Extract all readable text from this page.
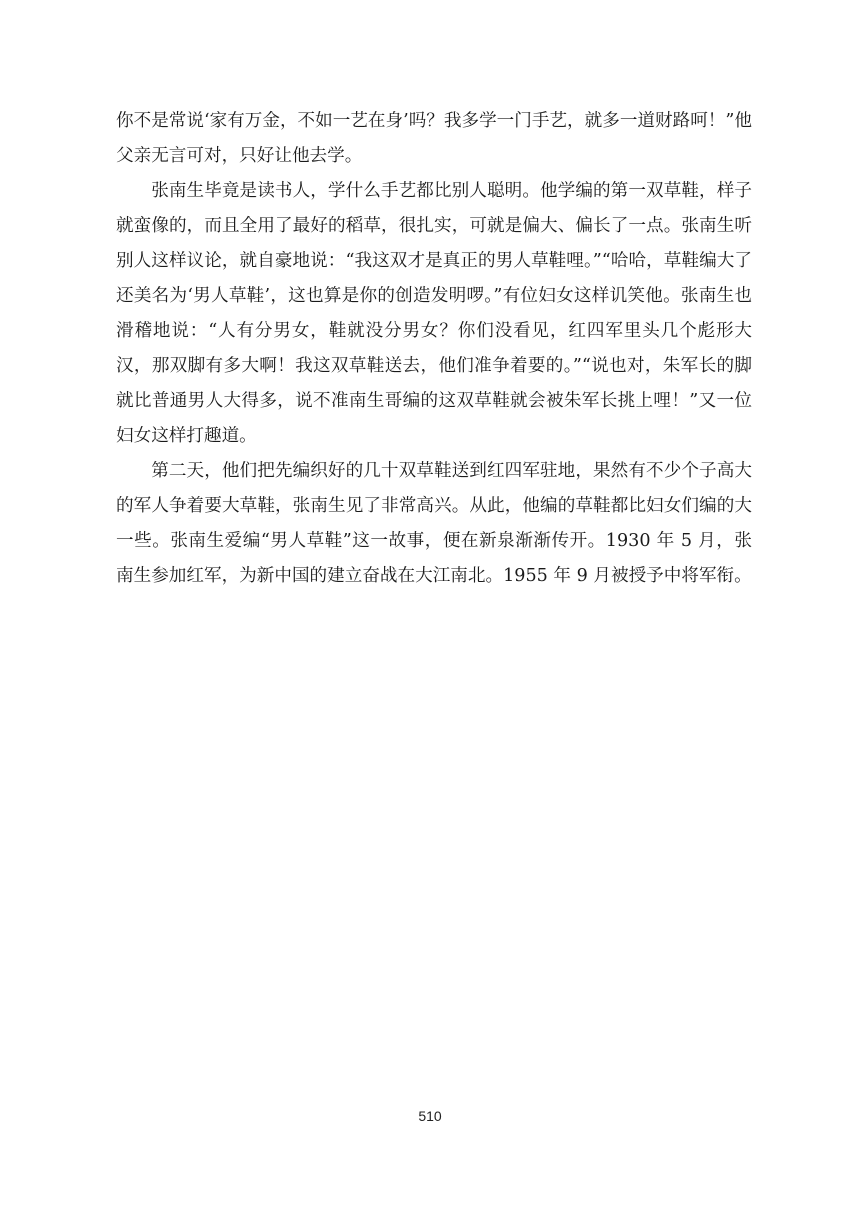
你不是常说‘家有万金，不如一艺在身’吗？我多学一门手艺，就多一道财路呵！”他父亲无言可对，只好让他去学。

张南生毕竟是读书人，学什么手艺都比别人聪明。他学编的第一双草鞋，样子就蛮像的，而且全用了最好的稻草，很扎实，可就是偏大、偏长了一点。张南生听别人这样议论，就自豪地说：“我这双才是真正的男人草鞋哩。”“哈哈，草鞋编大了还美名为‘男人草鞋’，这也算是你的创造发明啰。”有位妇女这样讥笑他。张南生也滑稽地说：“人有分男女，鞋就没分男女？你们没看见，红四军里头几个彪形大汉，那双脚有多大啊！我这双草鞋送去，他们准争着要的。”“说也对，朱军长的脚就比普通男人大得多，说不准南生哥编的这双草鞋就会被朱军长挑上哩！”又一位妇女这样打趣道。

第二天，他们把先编织好的几十双草鞋送到红四军驻地，果然有不少个子高大的军人争着要大草鞋，张南生见了非常高兴。从此，他编的草鞋都比妇女们编的大一些。张南生爱编“男人草鞋”这一故事，便在新泉渐渐传开。1930 年 5 月，张南生参加红军，为新中国的建立奋战在大江南北。1955 年 9 月被授予中将军衔。

510
